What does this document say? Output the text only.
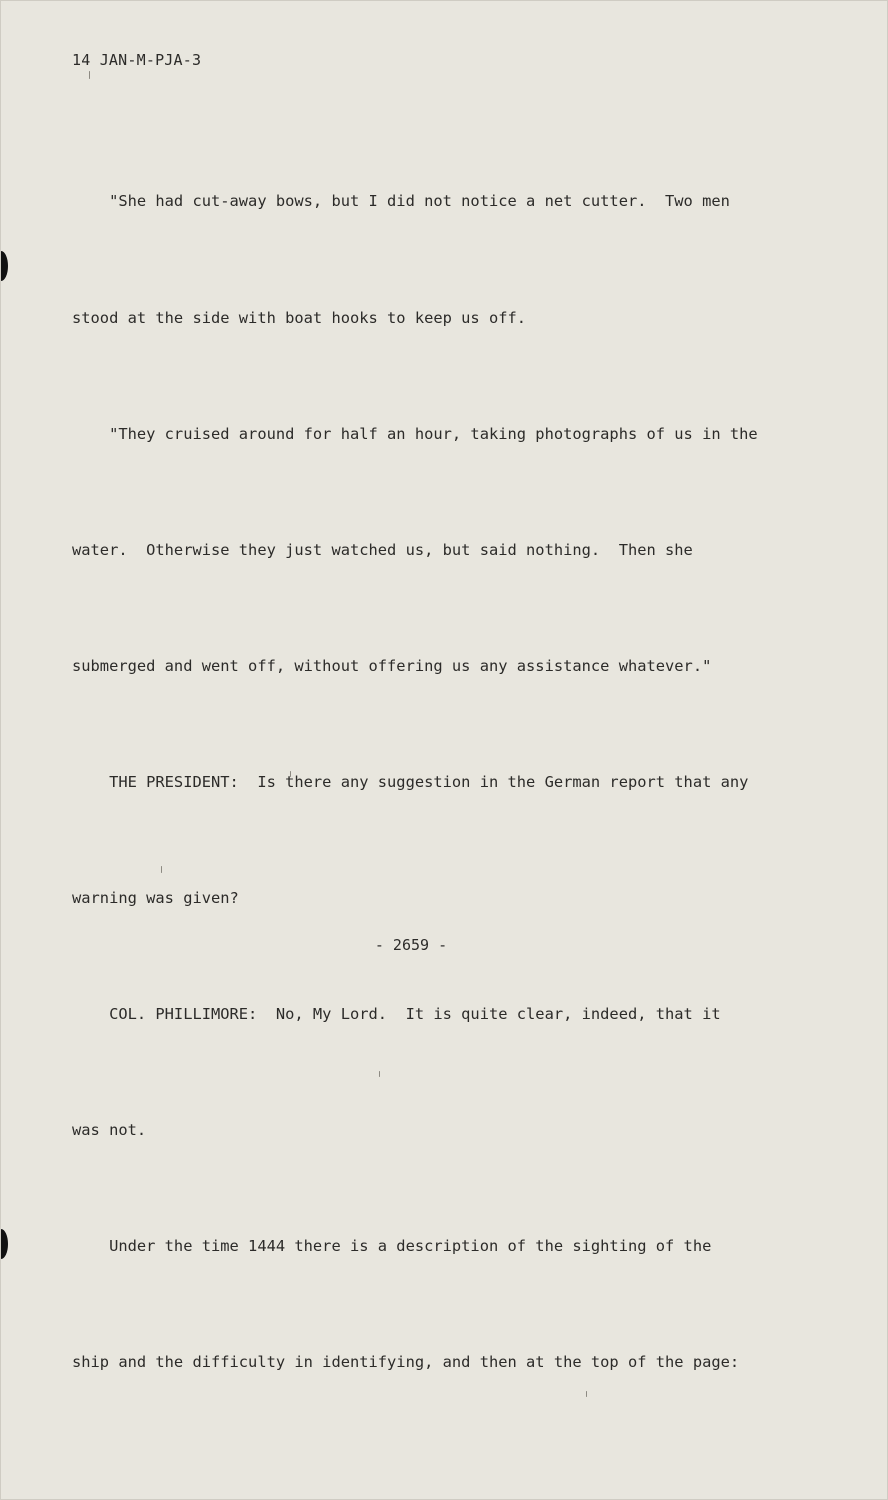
14 JAN-M-PJA-3

"She had cut-away bows, but I did not notice a net cutter.  Two men

stood at the side with boat hooks to keep us off.

"They cruised around for half an hour, taking photographs of us in the

water.  Otherwise they just watched us, but said nothing.  Then she

submerged and went off, without offering us any assistance whatever."

THE PRESIDENT:  Is there any suggestion in the German report that any

warning was given?

COL. PHILLIMORE:  No, My Lord.  It is quite clear, indeed, that it

was not.

Under the time 1444 there is a description of the sighting of the

ship and the difficulty in identifying, and then at the top of the page:

- 2659 -
